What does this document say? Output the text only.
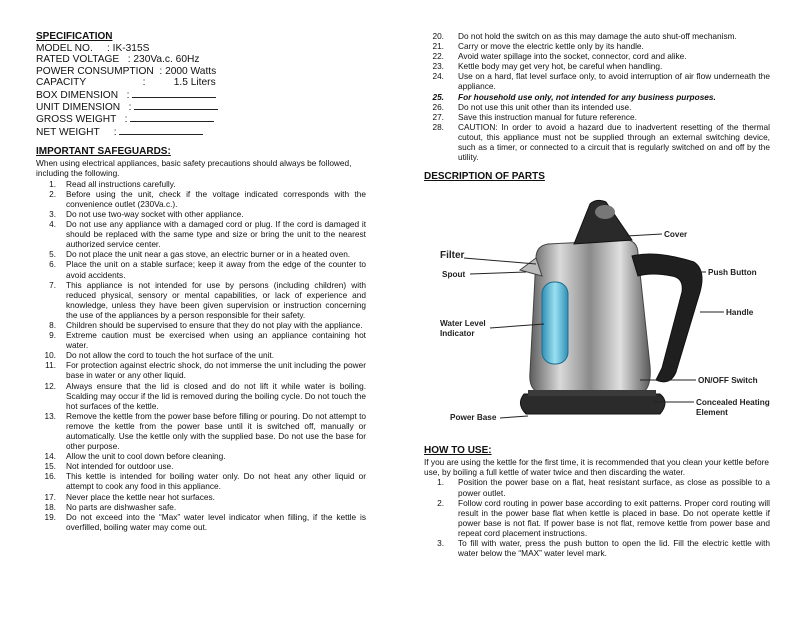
SPECIFICATION
MODEL NO.     : IK-315S
RATED VOLTAGE   : 230Va.c. 60Hz
POWER CONSUMPTION  : 2000 Watts
CAPACITY                    :          1.5 Liters
BOX DIMENSION   :
UNIT DIMENSION   :
GROSS WEIGHT   :
NET WEIGHT     :
IMPORTANT SAFEGUARDS:

When using electrical appliances, basic safety precautions should always be followed, including the following.

1. Read all instructions carefully.
2. Before using the unit, check if the voltage indicated corresponds with the convenience outlet (230Va.c.).
3. Do not use two-way socket with other appliance.
4. Do not use any appliance with a damaged cord or plug. If the cord is damaged it should be replaced with the same type and size or bring the unit to the nearest authorized service center.
5. Do not place the unit near a gas stove, an electric burner or in a heated oven.
6. Place the unit on a stable surface; keep it away from the edge of the counter to avoid accidents.
7. This appliance is not intended for use by persons (including children) with reduced physical, sensory or mental capabilities, or lack of experience and knowledge, unless they have been given supervision or instruction concerning the use of the appliances by a person responsible for their safety.
8. Children should be supervised to ensure that they do not play with the appliance.
9. Extreme caution must be exercised when using an appliance containing hot water.
10. Do not allow the cord to touch the hot surface of the unit.
11. For protection against electric shock, do not immerse the unit including the power base in water or any other liquid.
12. Always ensure that the lid is closed and do not lift it while water is boiling. Scalding may occur if the lid is removed during the boiling cycle. Do not touch the hot surfaces of the kettle.
13. Remove the kettle from the power base before filling or pouring. Do not attempt to remove the kettle from the power base until it is switched off, manually or automatically. Use the kettle only with the supplied base. Do not use the base for other purpose.
14. Allow the unit to cool down before cleaning.
15. Not intended for outdoor use.
16. This kettle is intended for boiling water only. Do not heat any other liquid or attempt to cook any food in this appliance.
17. Never place the kettle near hot surfaces.
18. No parts are dishwasher safe.
19. Do not exceed into the “Max” water level indicator when filling, if the kettle is overfilled, boiling water may come out.
20. Do not hold the switch on as this may damage the auto shut-off mechanism.
21. Carry or move the electric kettle only by its handle.
22. Avoid water spillage into the socket, connector, cord and alike.
23. Kettle body may get very hot, be careful when handling.
24. Use on a hard, flat level surface only, to avoid interruption of air flow underneath the appliance.
25. For household use only, not intended for any business purposes.
26. Do not use this unit other than its intended use.
27. Save this instruction manual for future reference.
28. CAUTION: In order to avoid a hazard due to inadvertent resetting of the thermal cutout, this appliance must not be supplied through an external switching device, such as a timer, or connected to a circuit that is regularly switched on and off by the utility.
DESCRIPTION OF PARTS
Filter
Spout
Water Level
Indicator
Power Base
Cover
Push Button
Handle
ON/OFF Switch
Concealed Heating
Element
HOW TO USE:

If you are using the kettle for the first time, it is recommended that you clean your kettle before use, by boiling a full kettle of water twice and then discarding the water.

1. Position the power base on a flat, heat resistant surface, as close as possible to a power outlet.
2. Follow cord routing in power base according to exit patterns. Proper cord routing will result in the power base flat when kettle is placed in base. Do not operate kettle if power base is not flat. If power base is not flat, remove kettle from power base and repeat cord placement instructions.
3. To fill with water, press the push button to open the lid. Fill the electric kettle with water below the “MAX” water level mark.
